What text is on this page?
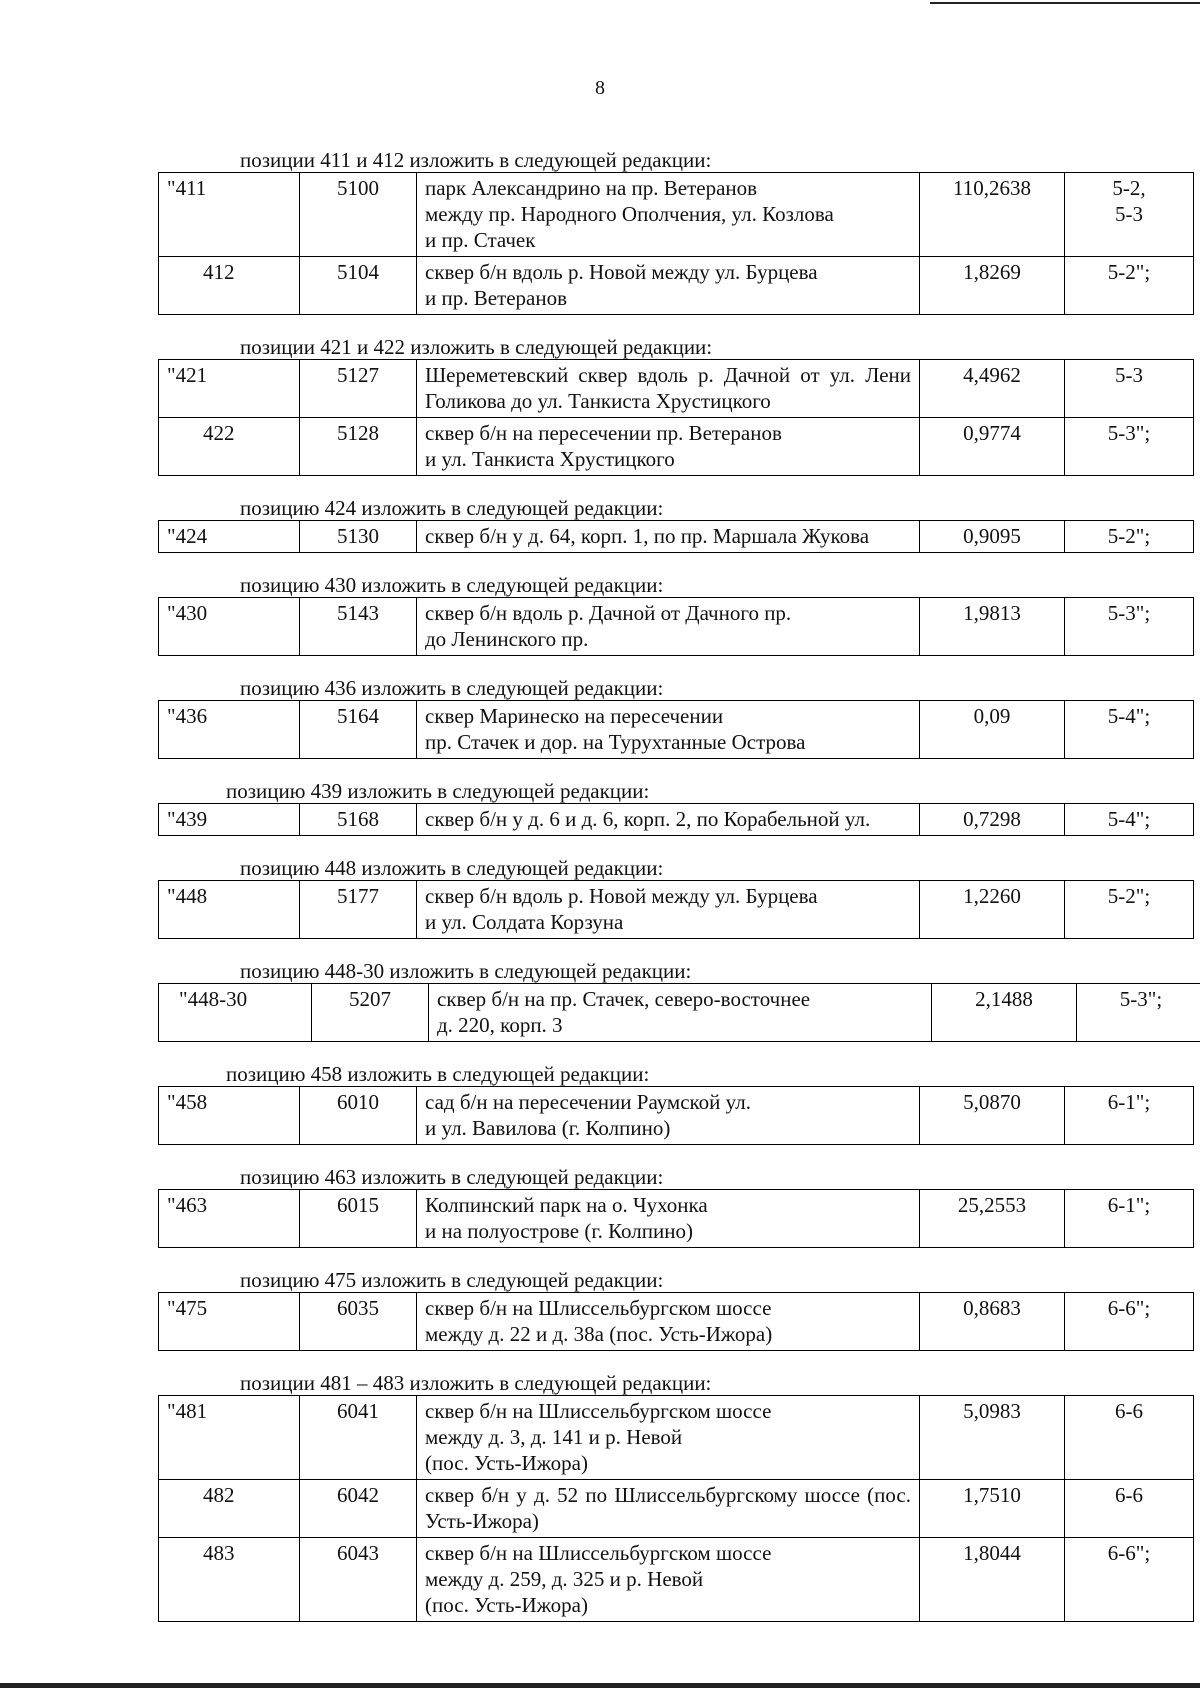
8
позиции 411 и 412 изложить в следующей редакции:
"411	5100	парк Александрино на пр. Ветеранов
между пр. Народного Ополчения, ул. Козлова
и пр. Стачек	110,2638	5-2,
5-3
412	5104	сквер б/н вдоль р. Новой между ул. Бурцева
и пр. Ветеранов	1,8269	5-2";
позиции 421 и 422 изложить в следующей редакции:
"421	5127	Шереметевский сквер вдоль р. Дачной от ул. Лени Голикова до ул. Танкиста Хрустицкого	4,4962	5-3
422	5128	сквер б/н на пересечении пр. Ветеранов
и ул. Танкиста Хрустицкого	0,9774	5-3";
позицию 424 изложить в следующей редакции:
"424	5130	сквер б/н у д. 64, корп. 1, по пр. Маршала Жукова	0,9095	5-2";
позицию 430 изложить в следующей редакции:
"430	5143	сквер б/н вдоль р. Дачной от Дачного пр.
до Ленинского пр.	1,9813	5-3";
позицию 436 изложить в следующей редакции:
"436	5164	сквер Маринеско на пересечении
пр. Стачек и дор. на Турухтанные Острова	0,09	5-4";
позицию 439 изложить в следующей редакции:
"439	5168	сквер б/н у д. 6 и д. 6, корп. 2, по Корабельной ул.	0,7298	5-4";
позицию 448 изложить в следующей редакции:
"448	5177	сквер б/н вдоль р. Новой между ул. Бурцева
и ул. Солдата Корзуна	1,2260	5-2";
позицию 448-30 изложить в следующей редакции:
"448-30	5207	сквер б/н на пр. Стачек, северо-восточнее
д. 220, корп. 3	2,1488	5-3";
позицию 458 изложить в следующей редакции:
"458	6010	сад б/н на пересечении Раумской ул.
и ул. Вавилова (г. Колпино)	5,0870	6-1";
позицию 463 изложить в следующей редакции:
"463	6015	Колпинский парк на о. Чухонка
и на полуострове (г. Колпино)	25,2553	6-1";
позицию 475 изложить в следующей редакции:
"475	6035	сквер б/н на Шлиссельбургском шоссе
между д. 22 и д. 38а (пос. Усть-Ижора)	0,8683	6-6";
позиции 481 – 483 изложить в следующей редакции:
"481	6041	сквер б/н на Шлиссельбургском шоссе
между д. 3, д. 141 и р. Невой
(пос. Усть-Ижора)	5,0983	6-6
482	6042	сквер б/н у д. 52 по Шлиссельбургскому шоссе (пос. Усть-Ижора)	1,7510	6-6
483	6043	сквер б/н на Шлиссельбургском шоссе
между д. 259, д. 325 и р. Невой
(пос. Усть-Ижора)	1,8044	6-6";
